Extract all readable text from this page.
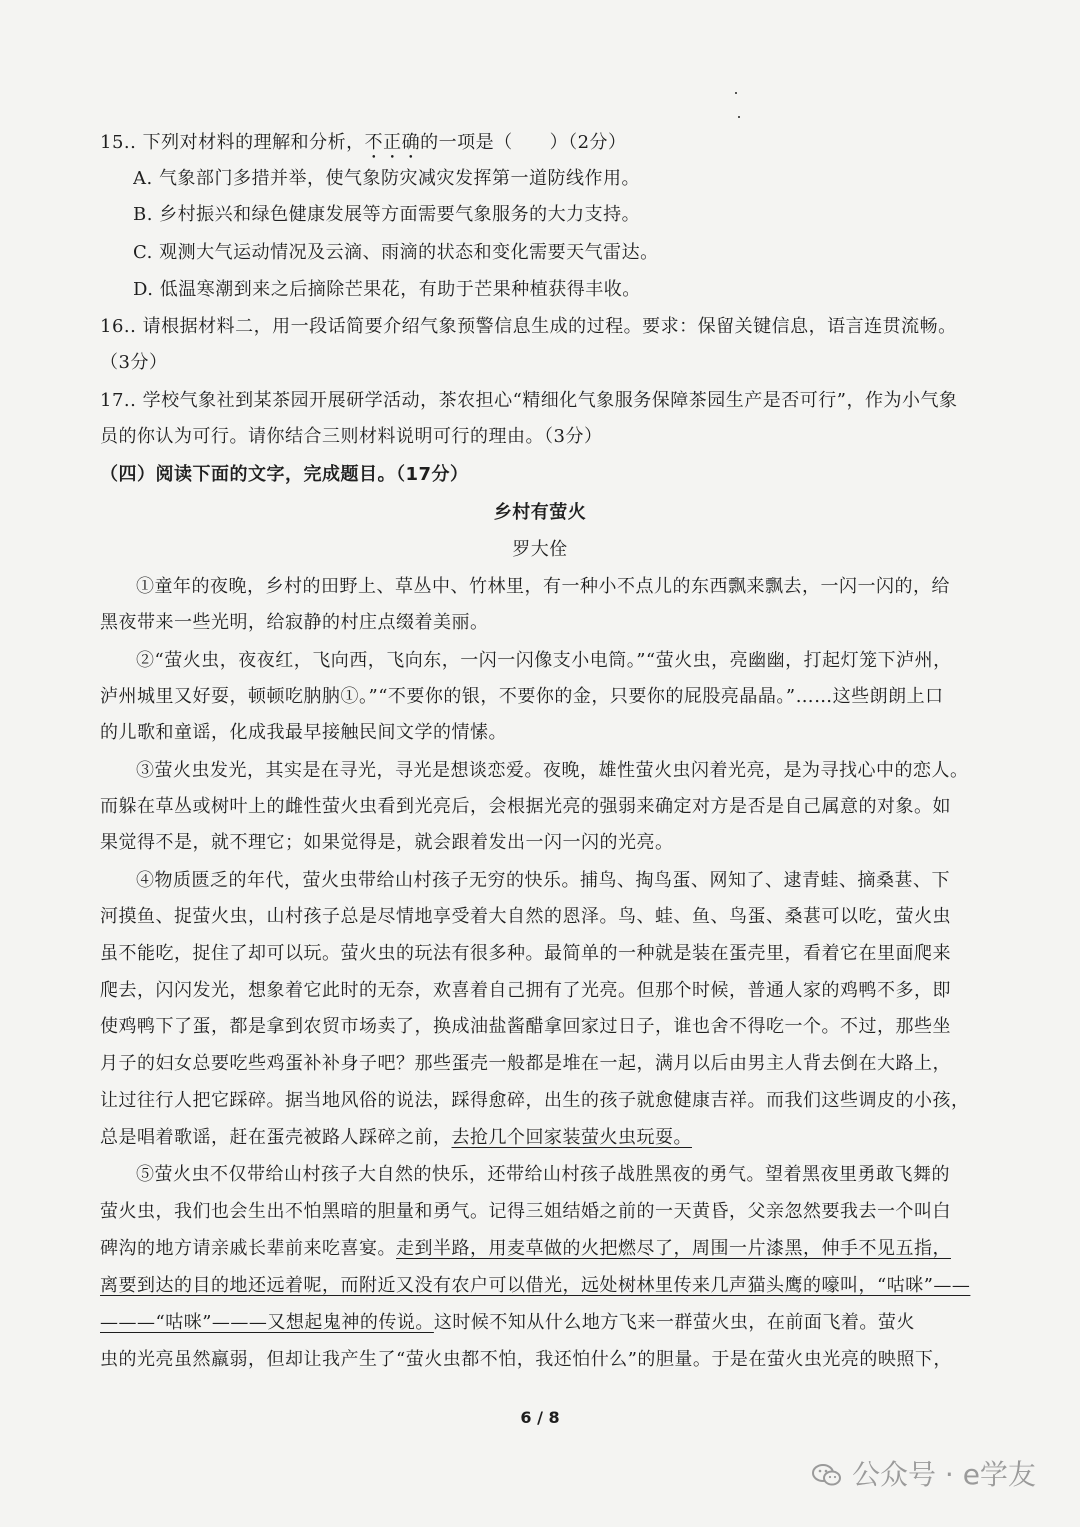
15.. 下列对材料的理解和分析，不正确的一项是（　　）（2分）
A. 气象部门多措并举，使气象防灾减灾发挥第一道防线作用。
B. 乡村振兴和绿色健康发展等方面需要气象服务的大力支持。
C. 观测大气运动情况及云滴、雨滴的状态和变化需要天气雷达。
D. 低温寒潮到来之后摘除芒果花，有助于芒果种植获得丰收。
16.. 请根据材料二，用一段话简要介绍气象预警信息生成的过程。要求：保留关键信息，语言连贯流畅。
（3分）
17.. 学校气象社到某茶园开展研学活动，茶农担心“精细化气象服务保障茶园生产是否可行”，作为小气象
员的你认为可行。请你结合三则材料说明可行的理由。（3分）
（四）阅读下面的文字，完成题目。（17分）
乡村有萤火
罗大佺
①童年的夜晚，乡村的田野上、草丛中、竹林里，有一种小不点儿的东西飘来飘去，一闪一闪的，给
黑夜带来一些光明，给寂静的村庄点缀着美丽。
②“萤火虫，夜夜红，飞向西，飞向东，一闪一闪像支小电筒。”“萤火虫，亮幽幽，打起灯笼下泸州，
泸州城里又好耍，顿顿吃肭肭①。”“不要你的银，不要你的金，只要你的屁股亮晶晶。”……这些朗朗上口
的儿歌和童谣，化成我最早接触民间文学的情愫。
③萤火虫发光，其实是在寻光，寻光是想谈恋爱。夜晚，雄性萤火虫闪着光亮，是为寻找心中的恋人。
而躲在草丛或树叶上的雌性萤火虫看到光亮后，会根据光亮的强弱来确定对方是否是自己属意的对象。如
果觉得不是，就不理它；如果觉得是，就会跟着发出一闪一闪的光亮。
④物质匮乏的年代，萤火虫带给山村孩子无穷的快乐。捕鸟、掏鸟蛋、网知了、逮青蛙、摘桑葚、下
河摸鱼、捉萤火虫，山村孩子总是尽情地享受着大自然的恩泽。鸟、蛙、鱼、鸟蛋、桑葚可以吃，萤火虫
虽不能吃，捉住了却可以玩。萤火虫的玩法有很多种。最简单的一种就是装在蛋壳里，看着它在里面爬来
爬去，闪闪发光，想象着它此时的无奈，欢喜着自己拥有了光亮。但那个时候，普通人家的鸡鸭不多，即
使鸡鸭下了蛋，都是拿到农贸市场卖了，换成油盐酱醋拿回家过日子，谁也舍不得吃一个。不过，那些坐
月子的妇女总要吃些鸡蛋补补身子吧？那些蛋壳一般都是堆在一起，满月以后由男主人背去倒在大路上，
让过往行人把它踩碎。据当地风俗的说法，踩得愈碎，出生的孩子就愈健康吉祥。而我们这些调皮的小孩，
总是唱着歌谣，赶在蛋壳被路人踩碎之前，去抢几个回家装萤火虫玩耍。
⑤萤火虫不仅带给山村孩子大自然的快乐，还带给山村孩子战胜黑夜的勇气。望着黑夜里勇敢飞舞的
萤火虫，我们也会生出不怕黑暗的胆量和勇气。记得三姐结婚之前的一天黄昏，父亲忽然要我去一个叫白
碑沟的地方请亲戚长辈前来吃喜宴。走到半路，用麦草做的火把燃尽了，周围一片漆黑，伸手不见五指，
离要到达的目的地还远着呢，而附近又没有农户可以借光，远处树林里传来几声猫头鹰的嚎叫，“咕咪”——
———“咕咪”———又想起鬼神的传说。这时候不知从什么地方飞来一群萤火虫，在前面飞着。萤火
虫的光亮虽然羸弱，但却让我产生了“萤火虫都不怕，我还怕什么”的胆量。于是在萤火虫光亮的映照下，
6 / 8
公众号 · e学友
